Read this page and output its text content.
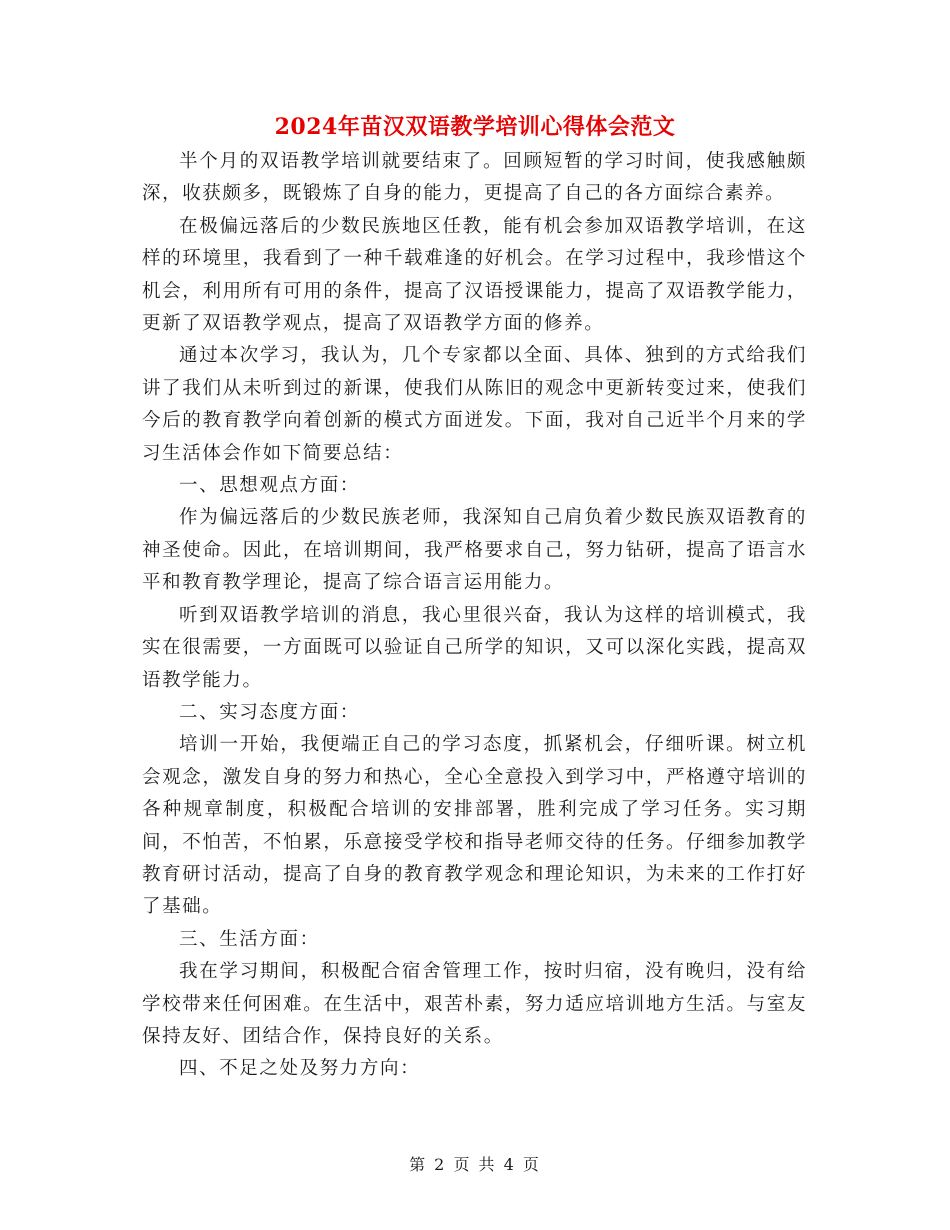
2024年苗汉双语教学培训心得体会范文

半个月的双语教学培训就要结束了。回顾短暂的学习时间，使我感触颇深，收获颇多，既锻炼了自身的能力，更提高了自己的各方面综合素养。

在极偏远落后的少数民族地区任教，能有机会参加双语教学培训，在这样的环境里，我看到了一种千载难逢的好机会。在学习过程中，我珍惜这个机会，利用所有可用的条件，提高了汉语授课能力，提高了双语教学能力，更新了双语教学观点，提高了双语教学方面的修养。

通过本次学习，我认为，几个专家都以全面、具体、独到的方式给我们讲了我们从未听到过的新课，使我们从陈旧的观念中更新转变过来，使我们今后的教育教学向着创新的模式方面迸发。下面，我对自己近半个月来的学习生活体会作如下简要总结：

一、思想观点方面：

作为偏远落后的少数民族老师，我深知自己肩负着少数民族双语教育的神圣使命。因此，在培训期间，我严格要求自己，努力钻研，提高了语言水平和教育教学理论，提高了综合语言运用能力。

听到双语教学培训的消息，我心里很兴奋，我认为这样的培训模式，我实在很需要，一方面既可以验证自己所学的知识，又可以深化实践，提高双语教学能力。

二、实习态度方面：

培训一开始，我便端正自己的学习态度，抓紧机会，仔细听课。树立机会观念，激发自身的努力和热心，全心全意投入到学习中，严格遵守培训的各种规章制度，积极配合培训的安排部署，胜利完成了学习任务。实习期间，不怕苦，不怕累，乐意接受学校和指导老师交待的任务。仔细参加教学教育研讨活动，提高了自身的教育教学观念和理论知识，为未来的工作打好了基础。

三、生活方面：

我在学习期间，积极配合宿舍管理工作，按时归宿，没有晚归，没有给学校带来任何困难。在生活中，艰苦朴素，努力适应培训地方生活。与室友保持友好、团结合作，保持良好的关系。

四、不足之处及努力方向：

第 2 页 共 4 页
